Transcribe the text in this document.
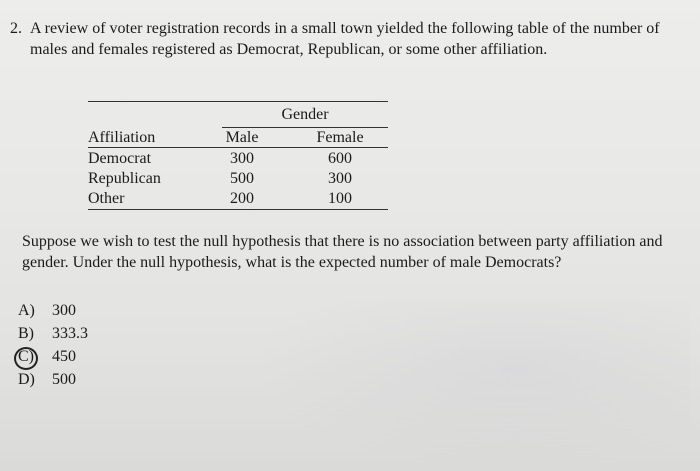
2. A review of voter registration records in a small town yielded the following table of the number of males and females registered as Democrat, Republican, or some other affiliation.
Gender
Affiliation	Male	Female
Democrat	300	600
Republican	500	300
Other	200	100
Suppose we wish to test the null hypothesis that there is no association between party affiliation and gender. Under the null hypothesis, what is the expected number of male Democrats?
A) 300
B) 333.3
C) 450
D) 500
